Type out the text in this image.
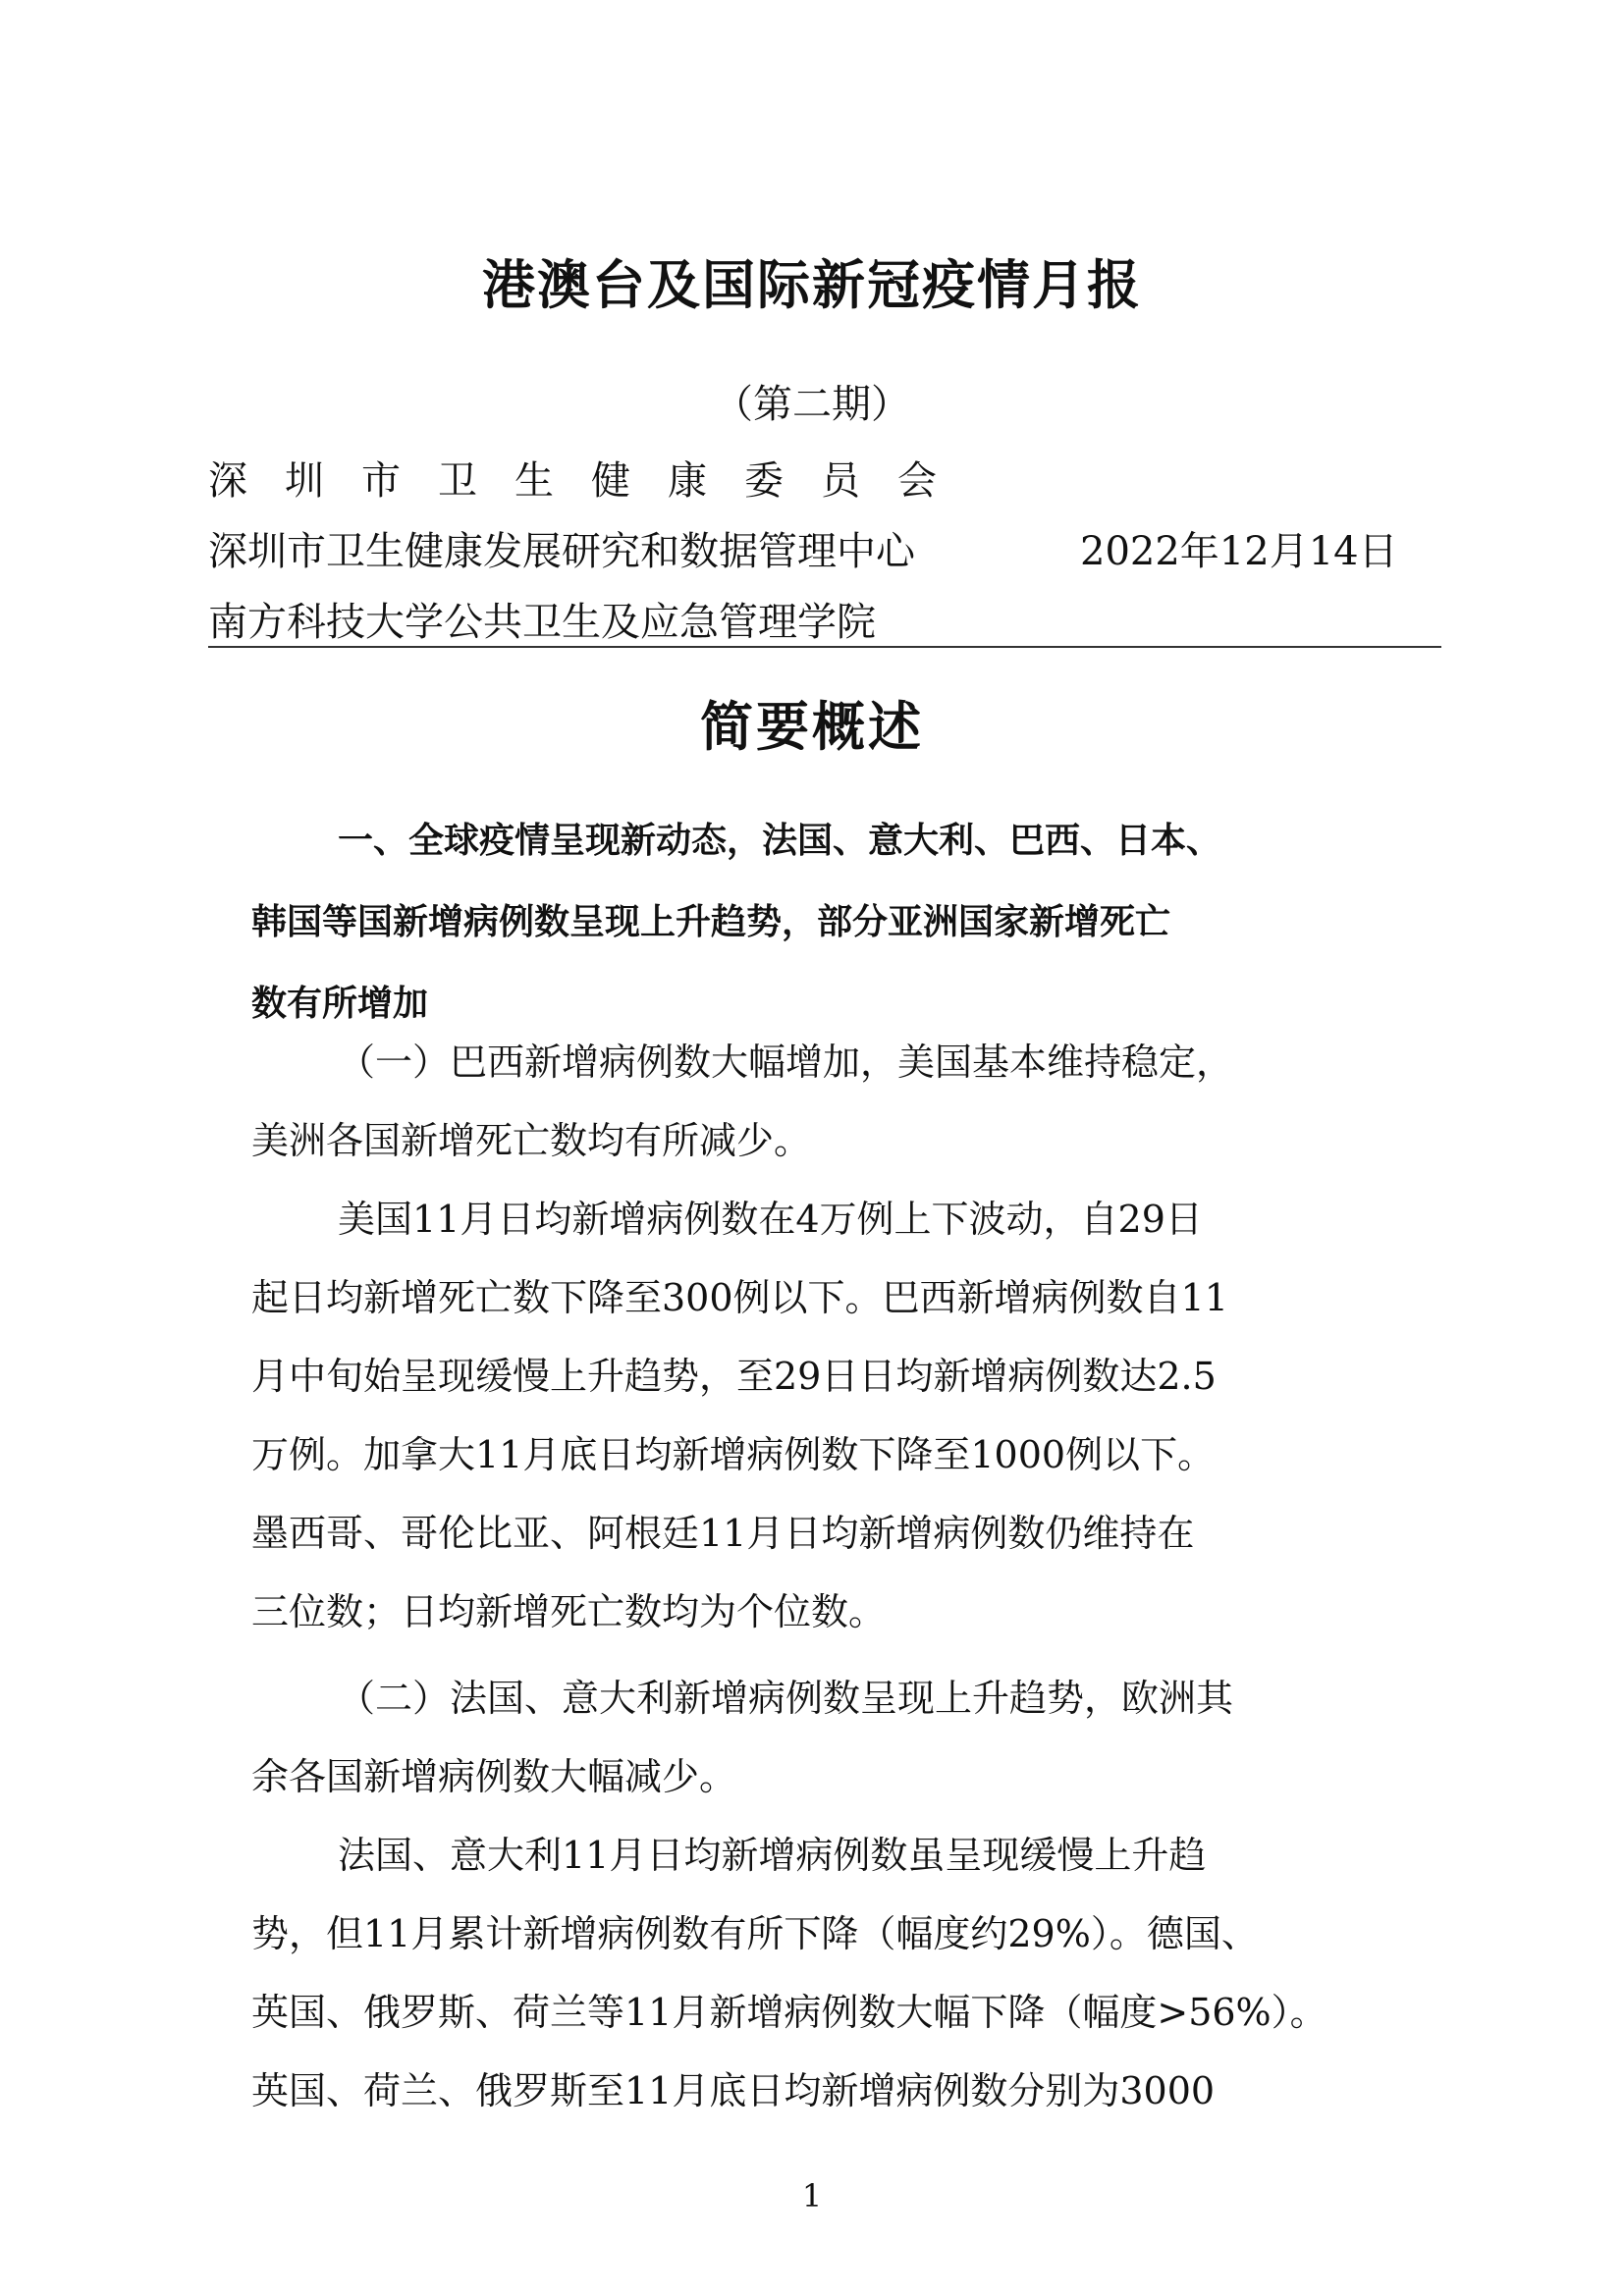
港澳台及国际新冠疫情月报
（第二期）
深圳市卫生健康委员会
深圳市卫生健康发展研究和数据管理中心
南方科技大学公共卫生及应急管理学院
2022年12月14日
简要概述
一、全球疫情呈现新动态，法国、意大利、巴西、日本、
韩国等国新增病例数呈现上升趋势，部分亚洲国家新增死亡
数有所增加
（一）巴西新增病例数大幅增加，美国基本维持稳定，
美洲各国新增死亡数均有所减少。
美国11月日均新增病例数在4万例上下波动，自29日
起日均新增死亡数下降至300例以下。巴西新增病例数自11
月中旬始呈现缓慢上升趋势，至29日日均新增病例数达2.5
万例。加拿大11月底日均新增病例数下降至1000例以下。
墨西哥、哥伦比亚、阿根廷11月日均新增病例数仍维持在
三位数；日均新增死亡数均为个位数。
（二）法国、意大利新增病例数呈现上升趋势，欧洲其
余各国新增病例数大幅减少。
法国、意大利11月日均新增病例数虽呈现缓慢上升趋
势，但11月累计新增病例数有所下降（幅度约29%）。德国、
英国、俄罗斯、荷兰等11月新增病例数大幅下降（幅度>56%）。
英国、荷兰、俄罗斯至11月底日均新增病例数分别为3000
1
